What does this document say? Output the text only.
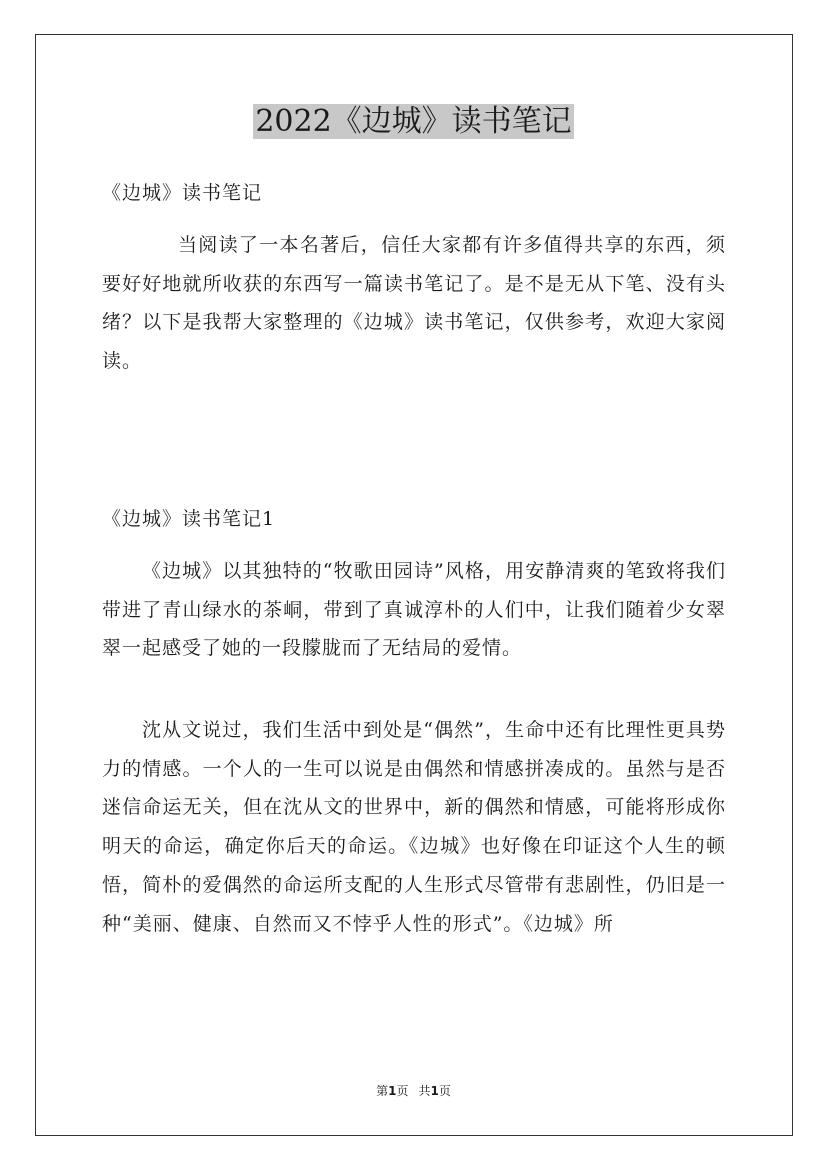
2022《边城》读书笔记

《边城》读书笔记

当阅读了一本名著后，信任大家都有许多值得共享的东西，须要好好地就所收获的东西写一篇读书笔记了。是不是无从下笔、没有头绪？以下是我帮大家整理的《边城》读书笔记，仅供参考，欢迎大家阅读。

《边城》读书笔记1

《边城》以其独特的“牧歌田园诗”风格，用安静清爽的笔致将我们带进了青山绿水的茶峒，带到了真诚淳朴的人们中，让我们随着少女翠翠一起感受了她的一段朦胧而了无结局的爱情。

沈从文说过，我们生活中到处是“偶然”，生命中还有比理性更具势力的情感。一个人的一生可以说是由偶然和情感拼凑成的。虽然与是否迷信命运无关，但在沈从文的世界中，新的偶然和情感，可能将形成你明天的命运，确定你后天的命运。《边城》也好像在印证这个人生的顿悟，简朴的爱偶然的命运所支配的人生形式尽管带有悲剧性，仍旧是一种“美丽、健康、自然而又不悖乎人性的形式”。《边城》所

第1页 共1页
